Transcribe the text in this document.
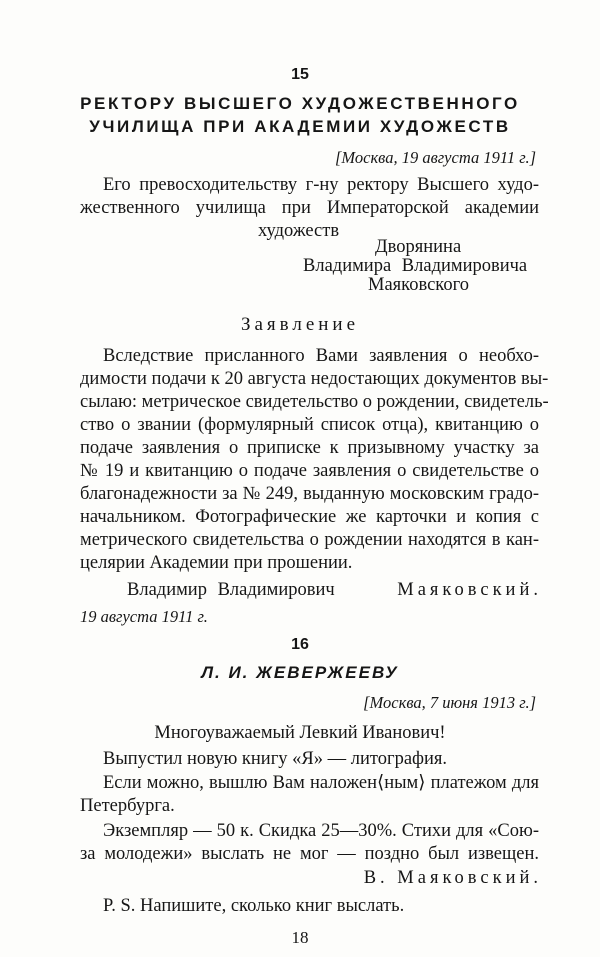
15
РЕКТОРУ ВЫСШЕГО ХУДОЖЕСТВЕННОГО
УЧИЛИЩА ПРИ АКАДЕМИИ ХУДОЖЕСТВ
[Москва, 19 августа 1911 г.]
Его превосходительству г-ну ректору Высшего худо-
жественного училища при Императорской академии
художеств
Дворянина
Владимира Владимировича
Маяковского
Заявление
Вследствие присланного Вами заявления о необхо-
димости подачи к 20 августа недостающих документов вы-
сылаю: метрическое свидетельство о рождении, свидетель-
ство о звании (формулярный список отца), квитанцию о
подаче заявления о приписке к призывному участку за
№ 19 и квитанцию о подаче заявления о свидетельстве о
благонадежности за № 249, выданную московским градо-
начальником. Фотографические же карточки и копия с
метрического свидетельства о рождении находятся в кан-
целярии Академии при прошении.
Владимир Владимирович	Маяковский.
19 августа 1911 г.
16
Л. И. ЖЕВЕРЖЕЕВУ
[Москва, 7 июня 1913 г.]
Многоуважаемый Левкий Иванович!
Выпустил новую книгу «Я» — литография.
Если можно, вышлю Вам наложен⟨ным⟩ платежом для
Петербурга.
Экземпляр — 50 к. Скидка 25—30%. Стихи для «Сою-
за молодежи» выслать не мог — поздно был извещен.
В. Маяковский.
P. S. Напишите, сколько книг выслать.
18
